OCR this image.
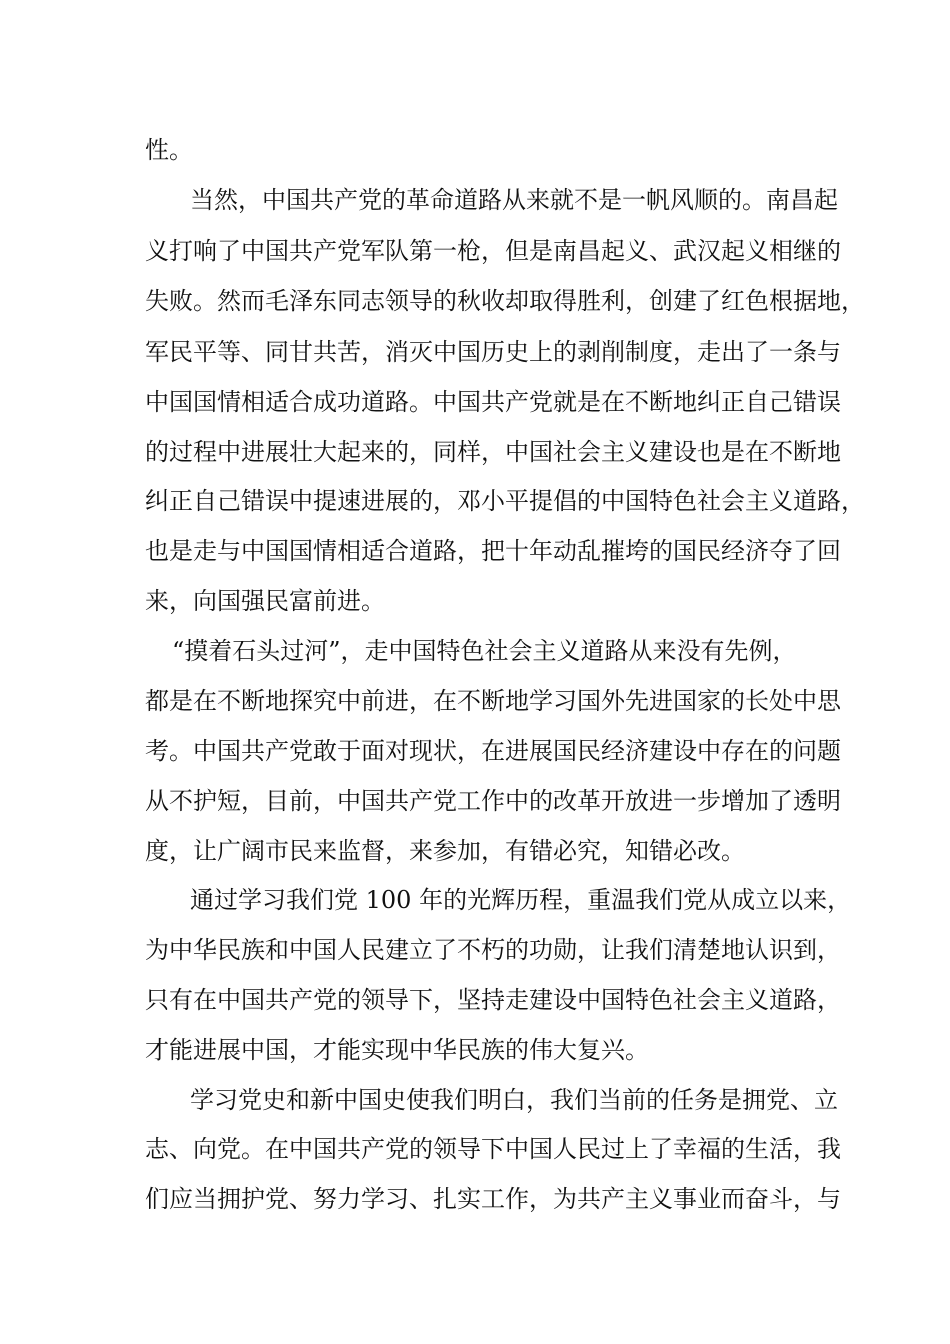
性。
当然，中国共产党的革命道路从来就不是一帆风顺的。南昌起
义打响了中国共产党军队第一枪，但是南昌起义、武汉起义相继的
失败。然而毛泽东同志领导的秋收却取得胜利，创建了红色根据地，
军民平等、同甘共苦，消灭中国历史上的剥削制度，走出了一条与
中国国情相适合成功道路。中国共产党就是在不断地纠正自己错误
的过程中进展壮大起来的，同样，中国社会主义建设也是在不断地
纠正自己错误中提速进展的，邓小平提倡的中国特色社会主义道路，
也是走与中国国情相适合道路，把十年动乱摧垮的国民经济夺了回
来，向国强民富前进。
“摸着石头过河”，走中国特色社会主义道路从来没有先例，
都是在不断地探究中前进，在不断地学习国外先进国家的长处中思
考。中国共产党敢于面对现状，在进展国民经济建设中存在的问题
从不护短，目前，中国共产党工作中的改革开放进一步增加了透明
度，让广阔市民来监督，来参加，有错必究，知错必改。
通过学习我们党 100 年的光辉历程，重温我们党从成立以来，
为中华民族和中国人民建立了不朽的功勋，让我们清楚地认识到，
只有在中国共产党的领导下，坚持走建设中国特色社会主义道路，
才能进展中国，才能实现中华民族的伟大复兴。
学习党史和新中国史使我们明白，我们当前的任务是拥党、立
志、向党。在中国共产党的领导下中国人民过上了幸福的生活，我
们应当拥护党、努力学习、扎实工作，为共产主义事业而奋斗，与
